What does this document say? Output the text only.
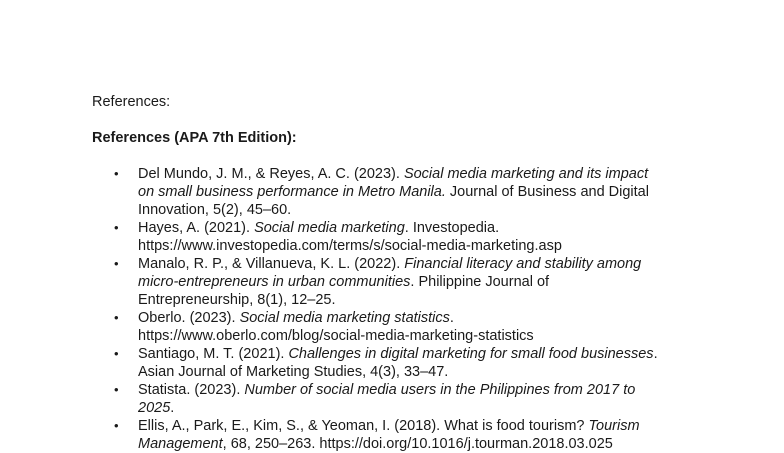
References:
References (APA 7th Edition):
• Del Mundo, J. M., & Reyes, A. C. (2023). Social media marketing and its impact
on small business performance in Metro Manila. Journal of Business and Digital
Innovation, 5(2), 45–60.
• Hayes, A. (2021). Social media marketing. Investopedia.
https://www.investopedia.com/terms/s/social-media-marketing.asp
• Manalo, R. P., & Villanueva, K. L. (2022). Financial literacy and stability among
micro-entrepreneurs in urban communities. Philippine Journal of
Entrepreneurship, 8(1), 12–25.
• Oberlo. (2023). Social media marketing statistics.
https://www.oberlo.com/blog/social-media-marketing-statistics
• Santiago, M. T. (2021). Challenges in digital marketing for small food businesses.
Asian Journal of Marketing Studies, 4(3), 33–47.
• Statista. (2023). Number of social media users in the Philippines from 2017 to
2025.
• Ellis, A., Park, E., Kim, S., & Yeoman, I. (2018). What is food tourism? Tourism
Management, 68, 250–263. https://doi.org/10.1016/j.tourman.2018.03.025
